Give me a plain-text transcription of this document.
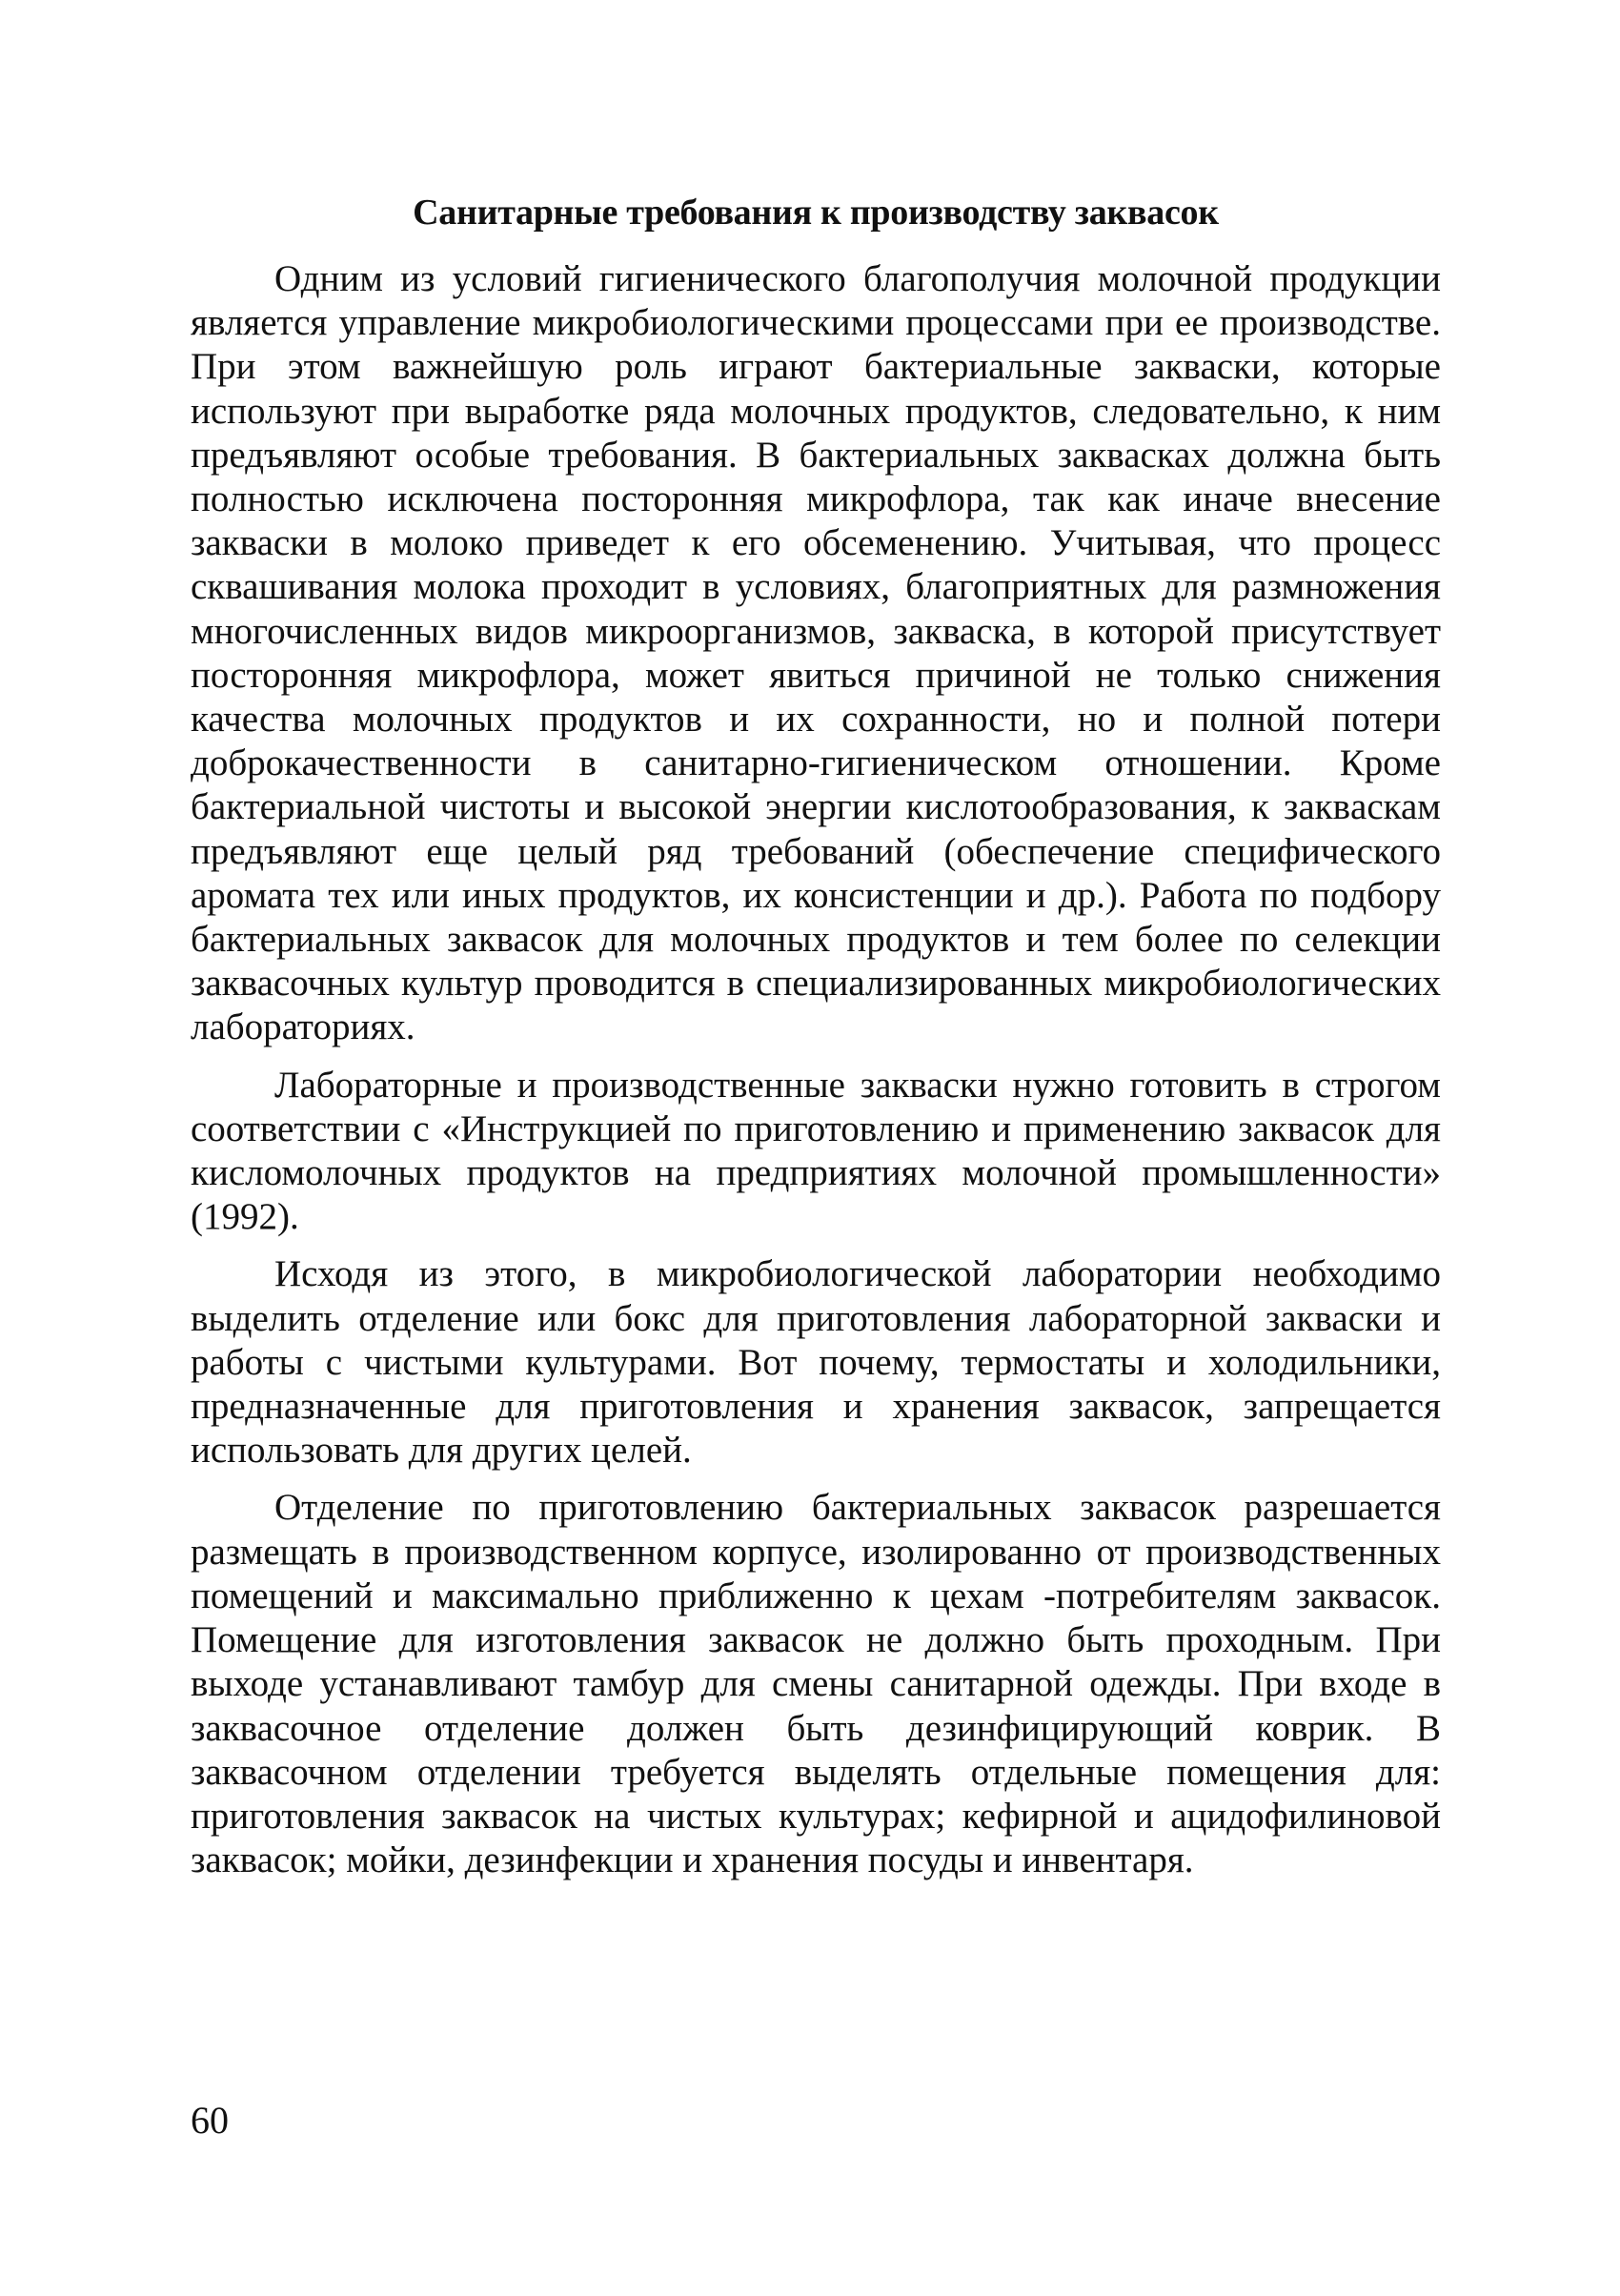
Санитарные требования к производству заквасок

Одним из условий гигиенического благополучия молочной продукции является управление микробиологическими процессами при ее производстве. При этом важнейшую роль играют бактериальные закваски, которые используют при выработке ряда молочных продуктов, следовательно, к ним предъявляют особые требования. В бактериальных заквасках должна быть полностью исключена посторонняя микрофлора, так как иначе внесение закваски в молоко приведет к его обсеменению. Учитывая, что процесс сквашивания молока проходит в условиях, благоприятных для размножения многочисленных видов микроорганизмов, закваска, в которой присутствует посторонняя микрофлора, может явиться причиной не только снижения качества молочных продуктов и их сохранности, но и полной потери доброкачественности в санитарно-гигиеническом отношении. Кроме бактериальной чистоты и высокой энергии кислотообразования, к заквaскам предъявляют еще целый ряд требований (обеспечение специфического аромата тех или иных продуктов, их консистенции и др.). Работа по подбору бактериальных заквасок для молочных продуктов и тем более по селекции заквасочных культур проводится в специализированных микробиологических лабораториях.

Лабораторные и производственные закваски нужно готовить в строгом соответствии с «Инструкцией по приготовлению и применению заквасок для кисломолочных продуктов на предприятиях молочной промышленности» (1992).

Исходя из этого, в микробиологической лаборатории необходимо выделить отделение или бокс для приготовления лабораторной закваски и работы с чистыми культурами. Вот почему, термостаты и холодильники, предназначенные для приготовления и хранения заквасок, запрещается использовать для других целей.

Отделение по приготовлению бактериальных заквасок разрешается размещать в производственном корпусе, изолированно от производственных помещений и максимально приближенно к цехам -потребителям заквасок. Помещение для изготовления заквасок не должно быть проходным. При выходе устанавливают тамбур для смены санитарной одежды. При входе в заквасочное отделение должен быть дезинфицирующий коврик. В заквасочном отделении требуется выделять отдельные помещения для: приготовления заквасок на чистых культурах; кефирной и ацидофилиновой заквасок; мойки, дезинфекции и хранения посуды и инвентаря.

60
